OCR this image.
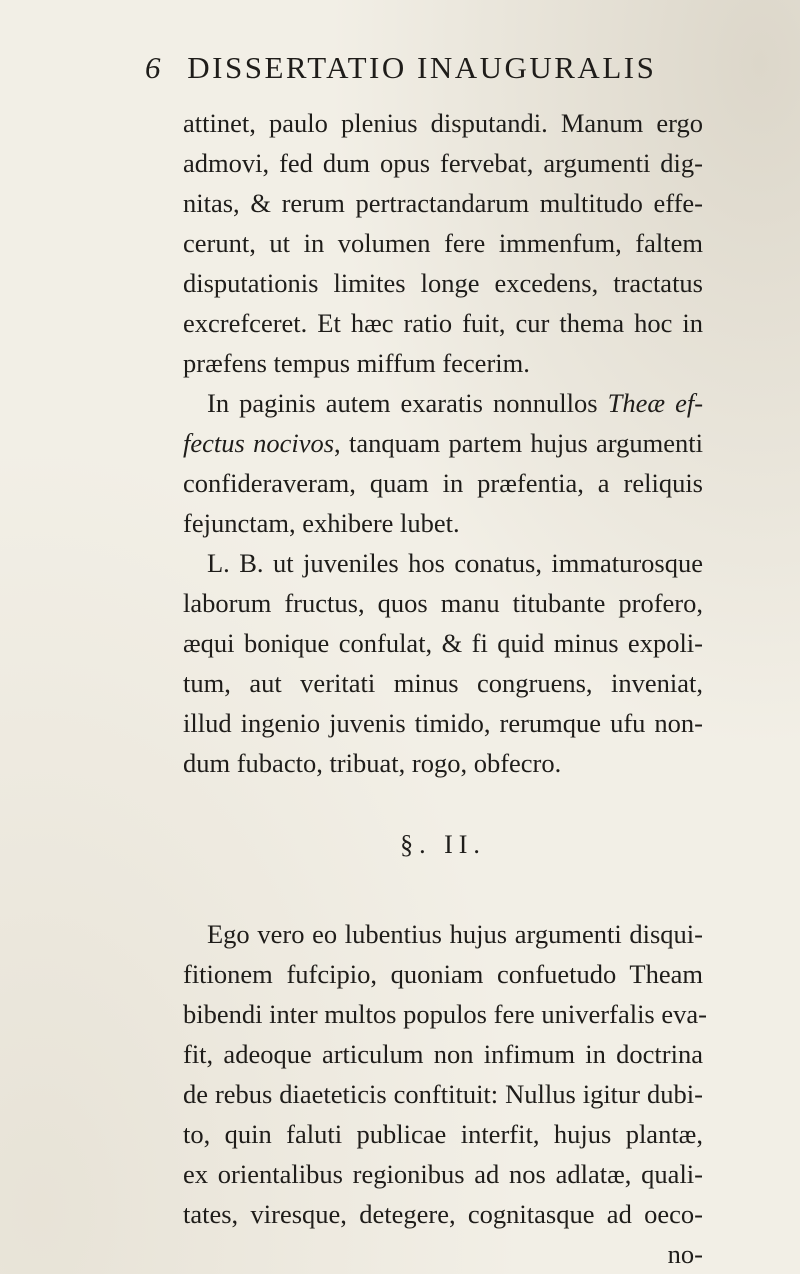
6 DISSERTATIO INAUGURALIS
attinet, paulo plenius disputandi. Manum ergo
admovi, fed dum opus fervebat, argumenti dig-
nitas, & rerum pertractandarum multitudo effe-
cerunt, ut in volumen fere immenfum, faltem
disputationis limites longe excedens, tractatus
excrefceret. Et hæc ratio fuit, cur thema hoc in
præfens tempus miffum fecerim.
In paginis autem exaratis nonnullos Theæ ef-
fectus nocivos, tanquam partem hujus argumenti
confideraveram, quam in præfentia, a reliquis
fejunctam, exhibere lubet.
L. B. ut juveniles hos conatus, immaturosque
laborum fructus, quos manu titubante profero,
æqui bonique confulat, & fi quid minus expoli-
tum, aut veritati minus congruens, inveniat,
illud ingenio juvenis timido, rerumque ufu non-
dum fubacto, tribuat, rogo, obfecro.
§. II.
Ego vero eo lubentius hujus argumenti disqui-
fitionem fufcipio, quoniam confuetudo Theam
bibendi inter multos populos fere univerfalis eva-
fit, adeoque articulum non infimum in doctrina
de rebus diaeteticis conftituit: Nullus igitur dubi-
to, quin faluti publicae interfit, hujus plantæ,
ex orientalibus regionibus ad nos adlatæ, quali-
tates, viresque, detegere, cognitasque ad oeco-
no-
